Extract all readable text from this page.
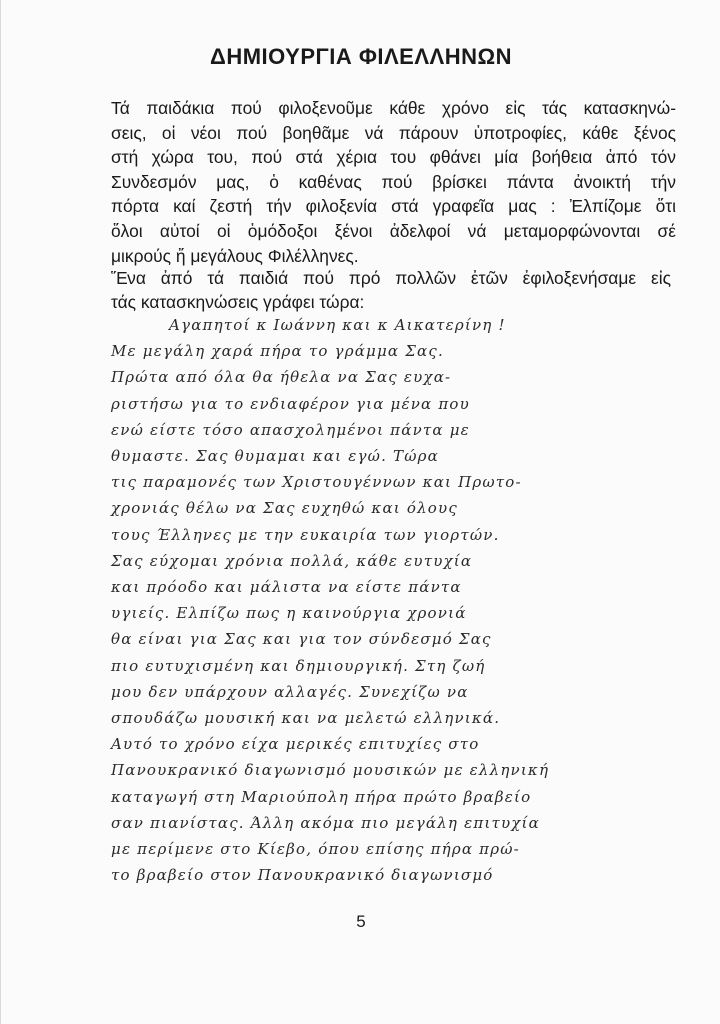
ΔΗΜΙΟΥΡΓΙΑ ΦΙΛΕΛΛΗΝΩΝ
Τά παιδάκια πού φιλοξενοῦμε κάθε χρόνο εἰς τάς κατασκηνώ-
σεις, οἱ νέοι πού βοηθᾶμε νά πάρουν ὑποτροφίες, κάθε ξένος
στή χώρα του, πού στά χέρια του φθάνει μία βοήθεια ἀπό τόν
Συνδεσμόν μας, ὁ καθένας πού βρίσκει πάντα ἀνοικτή τήν
πόρτα καί ζεστή τήν φιλοξενία στά γραφεῖα μας : Ἐλπίζομε ὅτι
ὅλοι αὐτοί οἱ ὁμόδοξοι ξένοι ἀδελφοί νά μεταμορφώνονται σέ
μικρούς ἤ μεγάλους Φιλέλληνες.
Ἕνα ἀπό τά παιδιά πού πρό πολλῶν ἐτῶν ἐφιλοξενήσαμε εἰς
τάς κατασκηνώσεις γράφει τώρα:
Αγαπητοί κ Ιωάννη και κ Αικατερίνη !
Με μεγάλη χαρά πήρα το γράμμα Σας.
Πρώτα από όλα θα ήθελα να Σας ευχα-
ριστήσω για το ενδιαφέρον για μένα που
ενώ είστε τόσο απασχολημένοι πάντα με
θυμαστε. Σας θυμαμαι και εγώ. Τώρα
τις παραμονές των Χριστουγέννων και Πρωτο-
χρονιάς θέλω να Σας ευχηθώ και όλους
τους Έλληνες με την ευκαιρία των γιορτών.
Σας εύχομαι χρόνια πολλά, κάθε ευτυχία
και πρόοδο και μάλιστα να είστε πάντα
υγιείς. Ελπίζω πως η καινούργια χρονιά
θα είναι για Σας και για τον σύνδεσμό Σας
πιο ευτυχισμένη και δημιουργική. Στη ζωή
μου δεν υπάρχουν αλλαγές. Συνεχίζω να
σπουδάζω μουσική και να μελετώ ελληνικά.
Αυτό το χρόνο είχα μερικές επιτυχίες στο
Πανουκρανικό διαγωνισμό μουσικών με ελληνική
καταγωγή στη Μαριούπολη πήρα πρώτο βραβείο
σαν πιανίστας. Άλλη ακόμα πιο μεγάλη επιτυχία
με περίμενε στο Κίεβο, όπου επίσης πήρα πρώ-
το βραβείο στον Πανουκρανικό διαγωνισμό
5
